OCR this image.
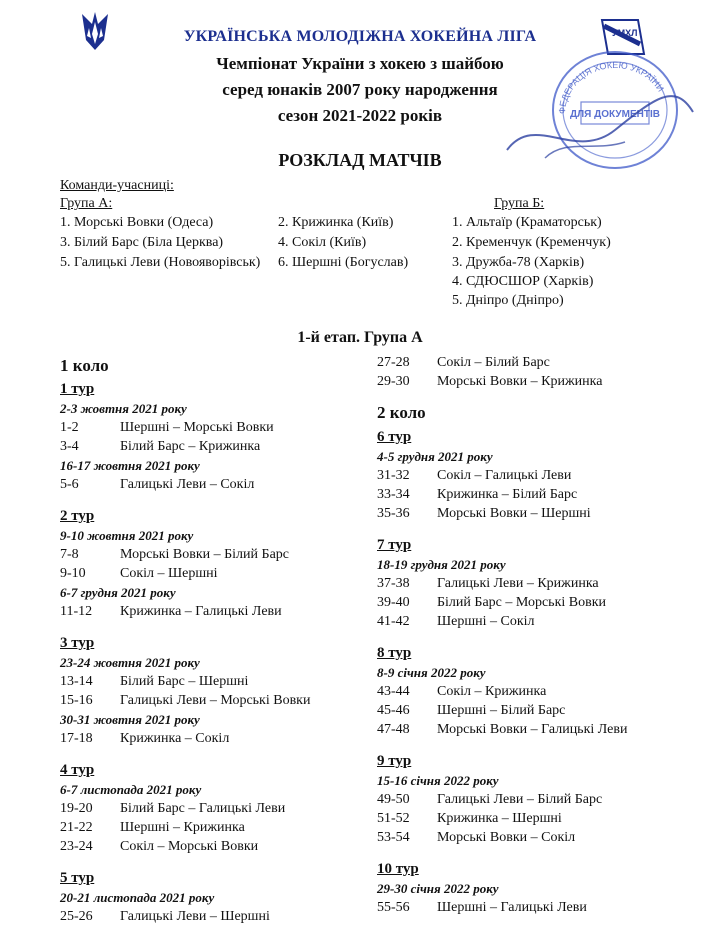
УМХЛ
ФЕДЕРАЦІЯ ХОКЕЮ УКРАЇНИ
ДЛЯ ДОКУМЕНТІВ
УКРАЇНСЬКА МОЛОДІЖНА ХОКЕЙНА ЛІГА
Чемпіонат України з хокею з шайбою
серед юнаків 2007 року народження
сезон 2021-2022 років
РОЗКЛАД МАТЧІВ
Команди-учасниці:
Група А:	Група Б:
1. Морські Вовки (Одеса)
3. Білий Барс (Біла Церква)
5. Галицькі Леви (Новояворівськ)
2. Крижинка (Київ)
4. Сокіл (Київ)
6. Шершні (Богуслав)
1. Альтаїр (Краматорськ)
2. Кременчук (Кременчук)
3. Дружба-78 (Харків)
4. СДЮСШОР (Харків)
5. Дніпро (Дніпро)
1-й етап. Група А
1 коло
1 тур
2-3 жовтня 2021 року
1-2	Шершні – Морські Вовки
3-4	Білий Барс – Крижинка
16-17 жовтня 2021 року
5-6	Галицькі Леви – Сокіл
2 тур
9-10 жовтня 2021 року
7-8	Морські Вовки – Білий Барс
9-10 Сокіл – Шершні
6-7 грудня 2021 року
11-12 Крижинка – Галицькі Леви
3 тур
23-24 жовтня 2021 року
13-14 Білий Барс – Шершні
15-16 Галицькі Леви – Морські Вовки
30-31 жовтня 2021 року
17-18 Крижинка – Сокіл
4 тур
6-7 листопада 2021 року
19-20 Білий Барс – Галицькі Леви
21-22 Шершні – Крижинка
23-24 Сокіл – Морські Вовки
5 тур
20-21 листопада 2021 року
25-26 Галицькі Леви – Шершні
27-28 Сокіл – Білий Барс
29-30 Морські Вовки – Крижинка
2 коло
6 тур
4-5 грудня 2021 року
31-32 Сокіл – Галицькі Леви
33-34 Крижинка – Білий Барс
35-36 Морські Вовки – Шершні
7 тур
18-19 грудня 2021 року
37-38 Галицькі Леви – Крижинка
39-40 Білий Барс – Морські Вовки
41-42 Шершні – Сокіл
8 тур
8-9 січня 2022 року
43-44 Сокіл – Крижинка
45-46 Шершні – Білий Барс
47-48 Морські Вовки – Галицькі Леви
9 тур
15-16 січня 2022 року
49-50 Галицькі Леви – Білий Барс
51-52 Крижинка – Шершні
53-54 Морські Вовки – Сокіл
10 тур
29-30 січня 2022 року
55-56 Шершні – Галицькі Леви
